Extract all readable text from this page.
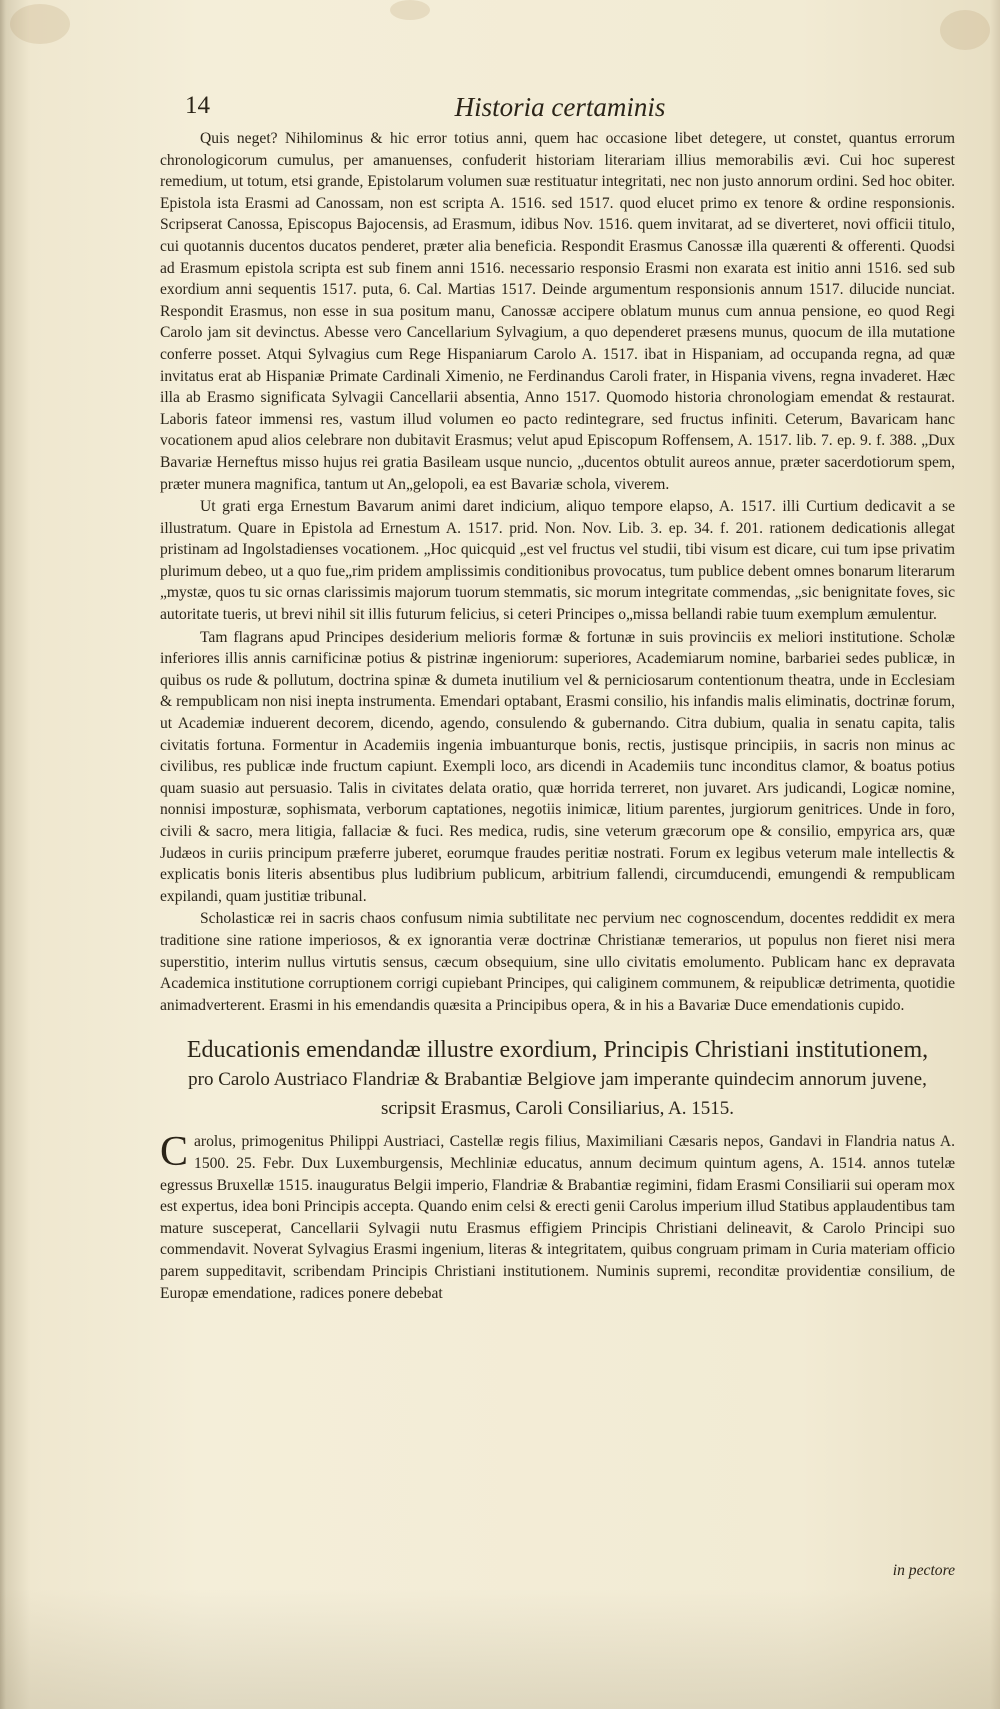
14	Historia certaminis

Quis neget? Nihilominus & hic error totius anni, quem hac occasione libet detegere, ut constet, quantus errorum chronologicorum cumulus, per amanuenses, confuderit historiam literariam illius memorabilis ævi. Cui hoc superest remedium, ut totum, etsi grande, Epistolarum volumen suæ restituatur integritati, nec non justo annorum ordini. Sed hoc obiter. Epistola ista Erasmi ad Canossam, non est scripta A. 1516. sed 1517. quod elucet primo ex tenore & ordine responsionis. Scripserat Canossa, Episcopus Bajocensis, ad Erasmum, idibus Nov. 1516. quem invitarat, ad se diverteret, novi officii titulo, cui quotannis ducentos ducatos penderet, præter alia beneficia. Respondit Erasmus Canossæ illa quærenti & offerenti. Quodsi ad Erasmum epistola scripta est sub finem anni 1516. necessario responsio Erasmi non exarata est initio anni 1516. sed sub exordium anni sequentis 1517. puta, 6. Cal. Martias 1517. Deinde argumentum responsionis annum 1517. dilucide nunciat. Respondit Erasmus, non esse in sua positum manu, Canossæ accipere oblatum munus cum annua pensione, eo quod Regi Carolo jam sit devinctus. Abesse vero Cancellarium Sylvagium, a quo dependeret præsens munus, quocum de illa mutatione conferre posset. Atqui Sylvagius cum Rege Hispaniarum Carolo A. 1517. ibat in Hispaniam, ad occupanda regna, ad quæ invitatus erat ab Hispaniæ Primate Cardinali Ximenio, ne Ferdinandus Caroli frater, in Hispania vivens, regna invaderet. Hæc illa ab Erasmo significata Sylvagii Cancellarii absentia, Anno 1517. Quomodo historia chronologiam emendat & restaurat. Laboris fateor immensi res, vastum illud volumen eo pacto redintegrare, sed fructus infiniti. Ceterum, Bavaricam hanc vocationem apud alios celebrare non dubitavit Erasmus; velut apud Episcopum Roffensem, A. 1517. lib. 7. ep. 9. f. 388. „Dux Bavariæ Herneftus misso hujus rei gratia Basileam usque nuncio, „ducentos obtulit aureos annue, præter sacerdotiorum spem, præter munera magnifica, tantum ut An„gelopoli, ea est Bavariæ schola, viverem.

Ut grati erga Ernestum Bavarum animi daret indicium, aliquo tempore elapso, A. 1517. illi Curtium dedicavit a se illustratum. Quare in Epistola ad Ernestum A. 1517. prid. Non. Nov. Lib. 3. ep. 34. f. 201. rationem dedicationis allegat pristinam ad Ingolstadienses vocationem. „Hoc quicquid „est vel fructus vel studii, tibi visum est dicare, cui tum ipse privatim plurimum debeo, ut a quo fue„rim pridem amplissimis conditionibus provocatus, tum publice debent omnes bonarum literarum „mystæ, quos tu sic ornas clarissimis majorum tuorum stemmatis, sic morum integritate commendas, „sic benignitate foves, sic autoritate tueris, ut brevi nihil sit illis futurum felicius, si ceteri Principes o„missa bellandi rabie tuum exemplum æmulentur.

Tam flagrans apud Principes desiderium melioris formæ & fortunæ in suis provinciis ex meliori institutione. Scholæ inferiores illis annis carnificinæ potius & pistrinæ ingeniorum: superiores, Academiarum nomine, barbariei sedes publicæ, in quibus os rude & pollutum, doctrina spinæ & dumeta inutilium vel & perniciosarum contentionum theatra, unde in Ecclesiam & rempublicam non nisi inepta instrumenta. Emendari optabant, Erasmi consilio, his infandis malis eliminatis, doctrinæ forum, ut Academiæ induerent decorem, dicendo, agendo, consulendo & gubernando. Citra dubium, qualia in senatu capita, talis civitatis fortuna. Formentur in Academiis ingenia imbuanturque bonis, rectis, justisque principiis, in sacris non minus ac civilibus, res publicæ inde fructum capiunt. Exempli loco, ars dicendi in Academiis tunc inconditus clamor, & boatus potius quam suasio aut persuasio. Talis in civitates delata oratio, quæ horrida terreret, non juvaret. Ars judicandi, Logicæ nomine, nonnisi imposturæ, sophismata, verborum captationes, negotiis inimicæ, litium parentes, jurgiorum genitrices. Unde in foro, civili & sacro, mera litigia, fallaciæ & fuci. Res medica, rudis, sine veterum græcorum ope & consilio, empyrica ars, quæ Judæos in curiis principum præferre juberet, eorumque fraudes peritiæ nostrati. Forum ex legibus veterum male intellectis & explicatis bonis literis absentibus plus ludibrium publicum, arbitrium fallendi, circumducendi, emungendi & rempublicam expilandi, quam justitiæ tribunal.

Scholasticæ rei in sacris chaos confusum nimia subtilitate nec pervium nec cognoscendum, docentes reddidit ex mera traditione sine ratione imperiosos, & ex ignorantia veræ doctrinæ Christianæ temerarios, ut populus non fieret nisi mera superstitio, interim nullus virtutis sensus, cæcum obsequium, sine ullo civitatis emolumento. Publicam hanc ex depravata Academica institutione corruptionem corrigi cupiebant Principes, qui caliginem communem, & reipublicæ detrimenta, quotidie animadverterent. Erasmi in his emendandis quæsita a Principibus opera, & in his a Bavariæ Duce emendationis cupido.

Educationis emendandæ illustre exordium, Principis Christiani institutionem,
pro Carolo Austriaco Flandriæ & Brabantiæ Belgiove jam imperante quindecim annorum juvene, scripsit Erasmus, Caroli Consiliarius, A. 1515.

Carolus, primogenitus Philippi Austriaci, Castellæ regis filius, Maximiliani Cæsaris nepos, Gandavi in Flandria natus A. 1500. 25. Febr. Dux Luxemburgensis, Mechliniæ educatus, annum decimum quintum agens, A. 1514. annos tutelæ egressus Bruxellæ 1515. inauguratus Belgii imperio, Flandriæ & Brabantiæ regimini, fidam Erasmi Consiliarii sui operam mox est expertus, idea boni Principis accepta. Quando enim celsi & erecti genii Carolus imperium illud Statibus applaudentibus tam mature susceperat, Cancellarii Sylvagii nutu Erasmus effigiem Principis Christiani delineavit, & Carolo Principi suo commendavit. Noverat Sylvagius Erasmi ingenium, literas & integritatem, quibus congruam primam in Curia materiam officio parem suppeditavit, scribendam Principis Christiani institutionem. Numinis supremi, reconditæ providentiæ consilium, de Europæ emendatione, radices ponere debebat

in pectore
